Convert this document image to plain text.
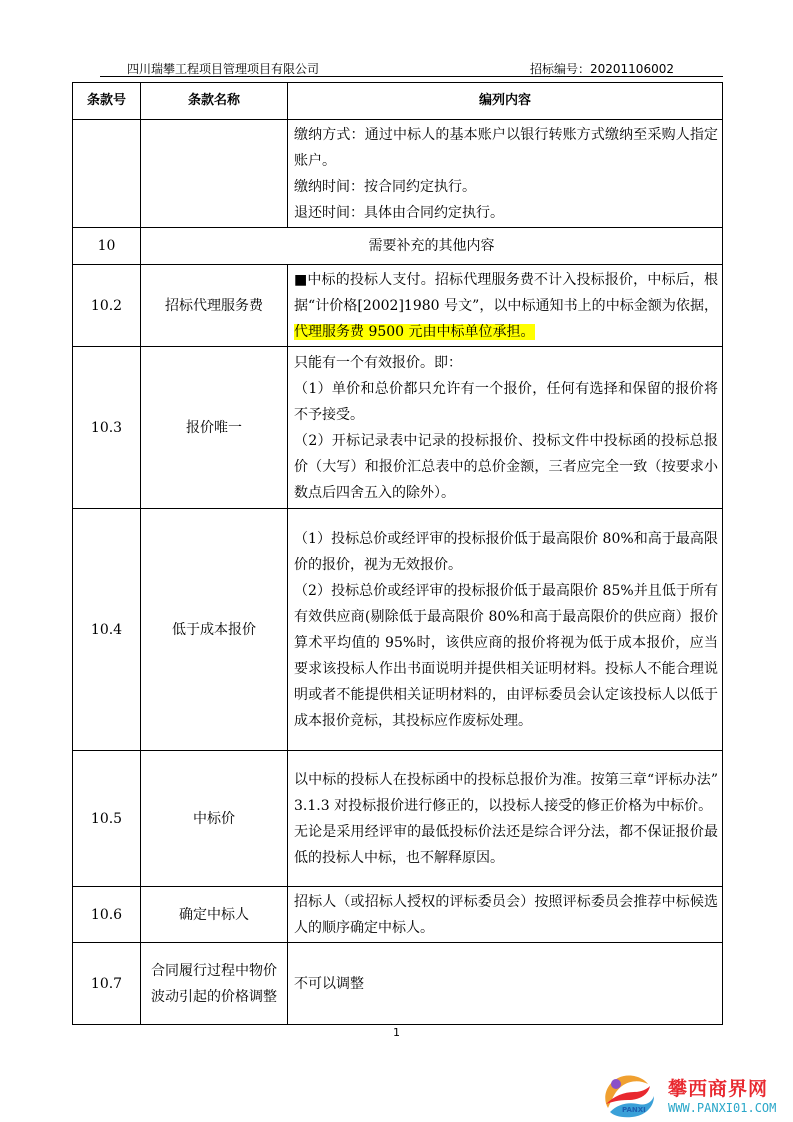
四川瑞攀工程项目管理项目有限公司	招标编号：20201106002
条款号	条款名称	编列内容

		缴纳方式：通过中标人的基本账户以银行转账方式缴纳至采购人指定账户。

缴纳时间：按合同约定执行。

退还时间：具体由合同约定执行。

10	需要补充的其他内容	
10.2	招标代理服务费	■中标的投标人支付。招标代理服务费不计入投标报价，中标后，根据“计价格[2002]1980 号文”，以中标通知书上的中标金额为依据，代理服务费 9500 元由中标单位承担。
10.3	报价唯一	只能有一个有效报价。即：

（1）单价和总价都只允许有一个报价，任何有选择和保留的报价将不予接受。

（2）开标记录表中记录的投标报价、投标文件中投标函的投标总报价（大写）和报价汇总表中的总价金额，三者应完全一致（按要求小数点后四舍五入的除外）。

10.4	低于成本报价	（1）投标总价或经评审的投标报价低于最高限价 80%和高于最高限价的报价，视为无效报价。

（2）投标总价或经评审的投标报价低于最高限价 85%并且低于所有有效供应商(剔除低于最高限价 80%和高于最高限价的供应商）报价算术平均值的 95%时，该供应商的报价将视为低于成本报价，应当要求该投标人作出书面说明并提供相关证明材料。投标人不能合理说明或者不能提供相关证明材料的，由评标委员会认定该投标人以低于成本报价竞标，其投标应作废标处理。

10.5	中标价	以中标的投标人在投标函中的投标总报价为准。按第三章“评标办法” 3.1.3 对投标报价进行修正的，以投标人接受的修正价格为中标价。

无论是采用经评审的最低投标价法还是综合评分法，都不保证报价最低的投标人中标，也不解释原因。

10.6	确定中标人	招标人（或招标人授权的评标委员会）按照评标委员会推荐中标候选人的顺序确定中标人。
10.7	合同履行过程中物价波动引起的价格调整	不可以调整
1
PANXI
攀西商界网
WWW.PANXI01.COM
